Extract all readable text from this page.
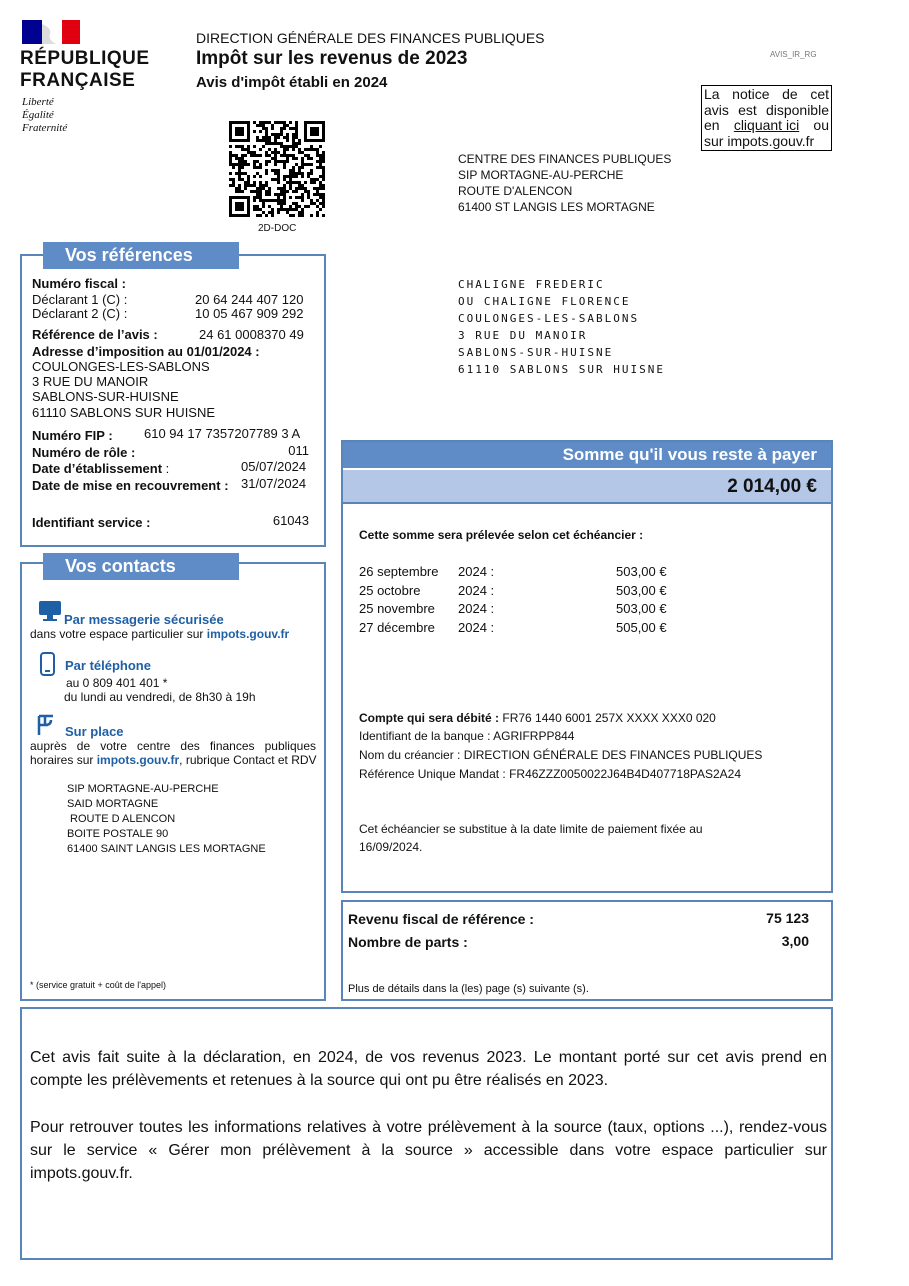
RÉPUBLIQUE
FRANÇAISE
Liberté
Égalité
Fraternité
DIRECTION GÉNÉRALE DES FINANCES PUBLIQUES
Impôt sur les revenus de 2023
Avis d'impôt établi en 2024
AVIS_IR_RG
La notice de cet
avis est disponible
en cliquant ici ou
sur impots.gouv.fr
2D-DOC
CENTRE DES FINANCES PUBLIQUES
SIP MORTAGNE-AU-PERCHE
ROUTE D'ALENCON
61400 ST LANGIS LES MORTAGNE
CHALIGNE FREDERIC
OU CHALIGNE FLORENCE
COULONGES-LES-SABLONS
3 RUE DU MANOIR
SABLONS-SUR-HUISNE
61110 SABLONS SUR HUISNE
Vos références
Numéro fiscal :
Déclarant 1 (C) :	20 64 244 407 120
Déclarant 2 (C) :	10 05 467 909 292
Référence de l’avis :	24 61 0008370 49
Adresse d’imposition au 01/01/2024 :
COULONGES-LES-SABLONS
3 RUE DU MANOIR
SABLONS-SUR-HUISNE
61110 SABLONS SUR HUISNE
Numéro FIP : 610 94 17 7357207789 3 A
Numéro de rôle :	011
Date d’établissement :	05/07/2024
Date de mise en recouvrement : 31/07/2024
Identifiant service :	61043
Vos contacts
Par messagerie sécurisée
dans votre espace particulier sur impots.gouv.fr
Par téléphone
au 0 809 401 401 *
du lundi au vendredi, de 8h30 à 19h
Sur place
auprès de votre centre des finances publiques
horaires sur impots.gouv.fr, rubrique Contact et RDV
SIP MORTAGNE-AU-PERCHE
SAID MORTAGNE
ROUTE D ALENCON
BOITE POSTALE 90
61400 SAINT LANGIS LES MORTAGNE
* (service gratuit + coût de l'appel)
Somme qu'il vous reste à payer
2 014,00 €
Cette somme sera prélevée selon cet échéancier :
26 septembre 2024 :	503,00 €
25 octobre	2024 :	503,00 €
25 novembre 2024 :	503,00 €
27 décembre 2024 :	505,00 €
Compte qui sera débité : FR76 1440 6001 257X XXXX XXX0 020
Identifiant de la banque : AGRIFRPP844
Nom du créancier : DIRECTION GÉNÉRALE DES FINANCES PUBLIQUES
Référence Unique Mandat : FR46ZZZ0050022J64B4D407718PAS2A24
Cet échéancier se substitue à la date limite de paiement fixée au
16/09/2024.
Revenu fiscal de référence :	75 123
Nombre de parts :	3,00
Plus de détails dans la (les) page (s) suivante (s).
Cet avis fait suite à la déclaration, en 2024, de vos revenus 2023. Le montant porté sur cet avis prend en compte les prélèvements et retenues à la source qui ont pu être réalisés en 2023.
Pour retrouver toutes les informations relatives à votre prélèvement à la source (taux, options ...), rendez-vous sur le service « Gérer mon prélèvement à la source » accessible dans votre espace particulier sur impots.gouv.fr.
